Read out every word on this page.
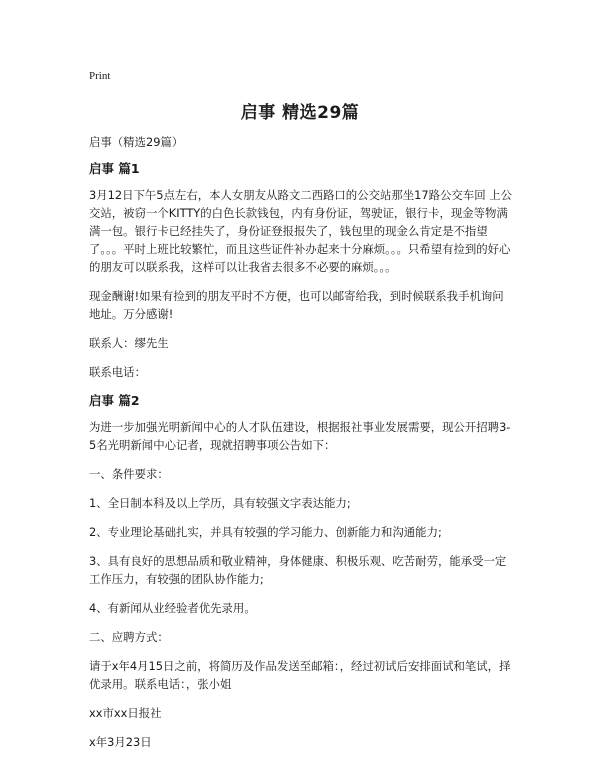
Print
启事 精选29篇

启事（精选29篇）

启事 篇1

3月12日下午5点左右，本人女朋友从路文二西路口的公交站那坐17路公交车回 上公交站，被窃一个KITTY的白色长款钱包，内有身份证，驾驶证，银行卡，现金等物满满一包。银行卡已经挂失了，身份证登报报失了，钱包里的现金么肯定是不指望了。。。平时上班比较繁忙，而且这些证件补办起来十分麻烦。。。只希望有捡到的好心的朋友可以联系我，这样可以让我省去很多不必要的麻烦。。。

现金酬谢!如果有捡到的朋友平时不方便，也可以邮寄给我，到时候联系我手机询问地址。万分感谢!

联系人：缪先生

联系电话：

启事 篇2

为进一步加强光明新闻中心的人才队伍建设，根据报社事业发展需要，现公开招聘3-5名光明新闻中心记者，现就招聘事项公告如下：

一、条件要求：

1、全日制本科及以上学历，具有较强文字表达能力;

2、专业理论基础扎实，并具有较强的学习能力、创新能力和沟通能力;

3、具有良好的思想品质和敬业精神，身体健康、积极乐观、吃苦耐劳，能承受一定工作压力，有较强的团队协作能力;

4、有新闻从业经验者优先录用。

二、应聘方式：

请于x年4月15日之前，将简历及作品发送至邮箱：，经过初试后安排面试和笔试，择优录用。联系电话：，张小姐

xx市xx日报社

x年3月23日
